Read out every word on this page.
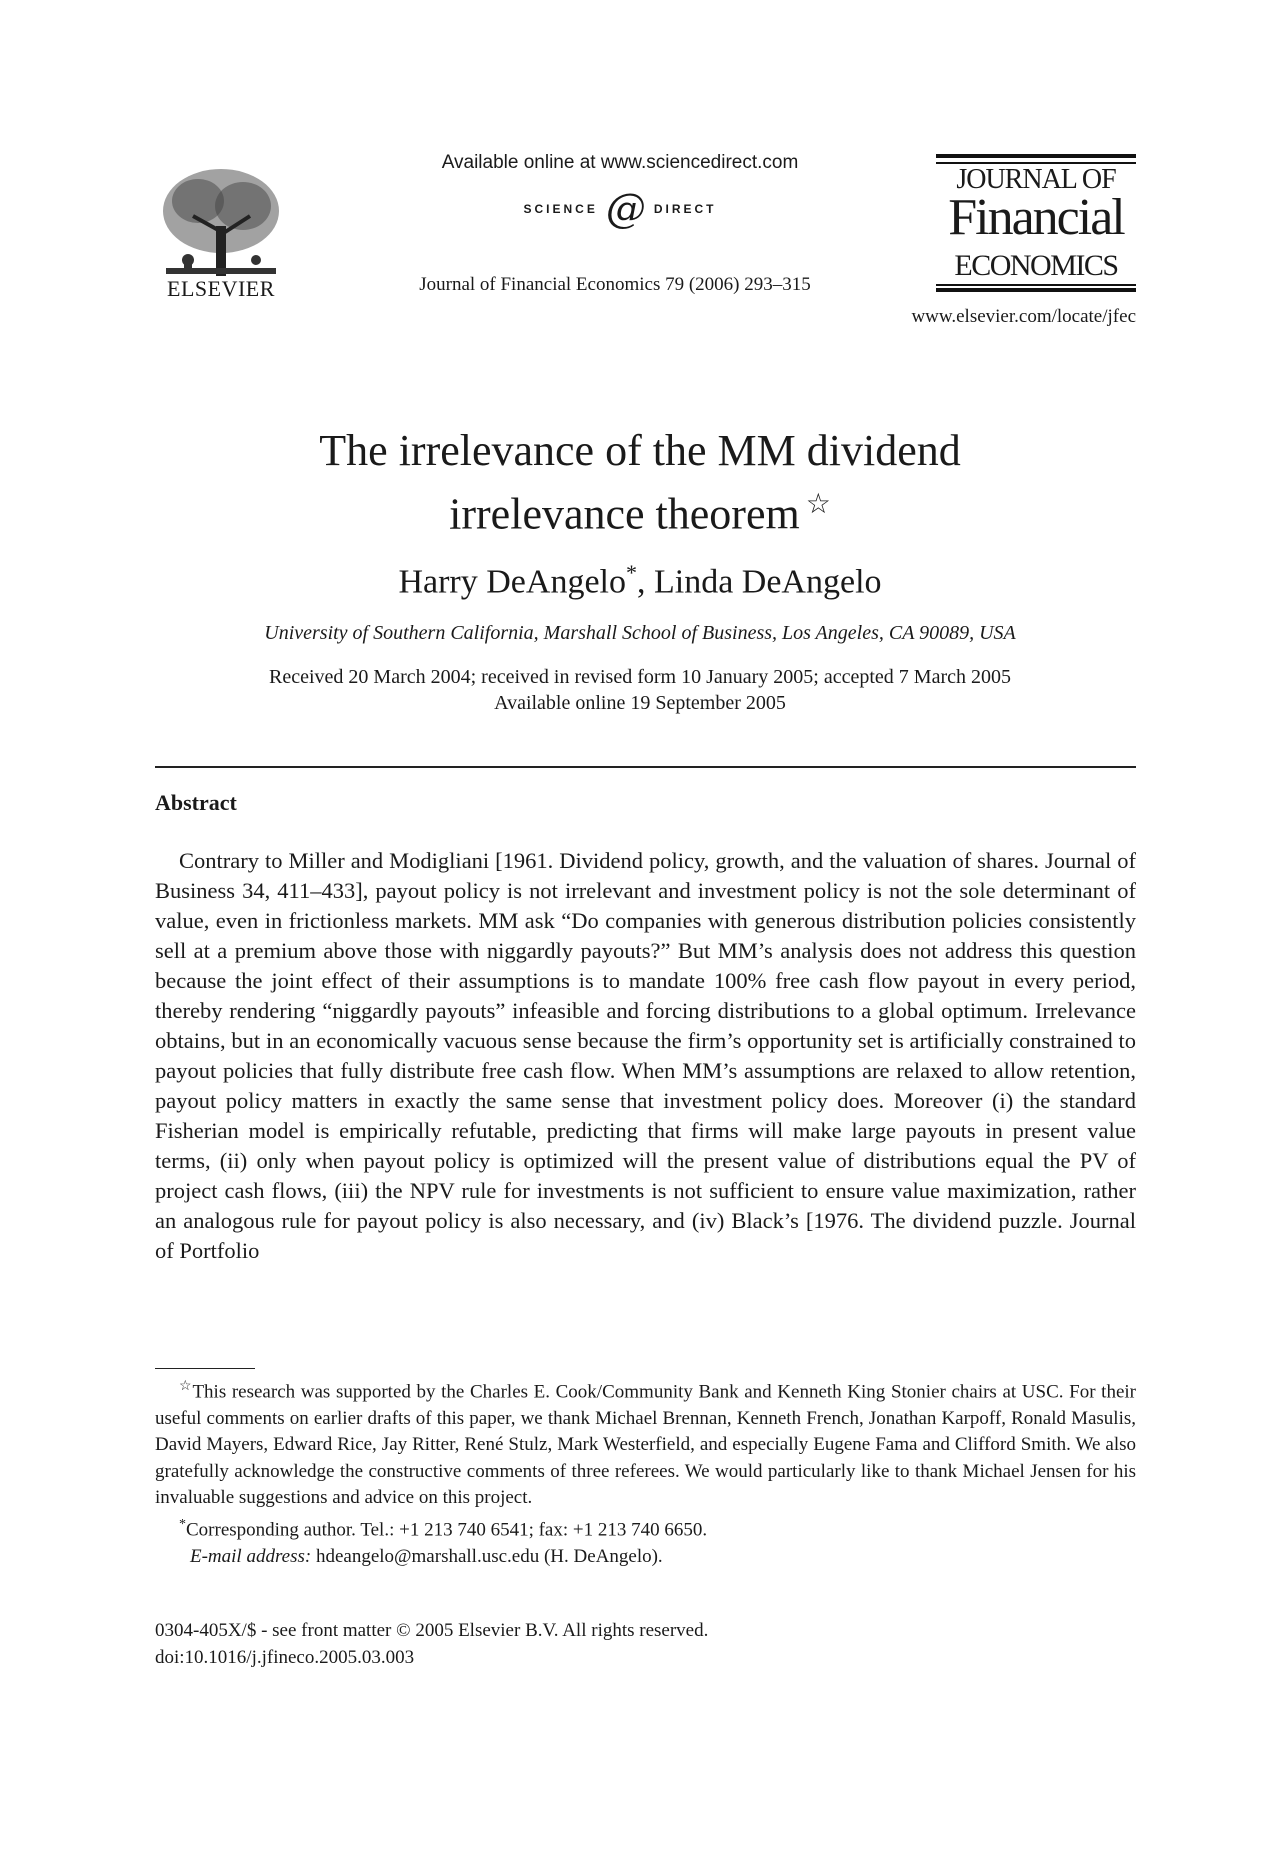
ELSEVIER
Available online at www.sciencedirect.com
SCIENCE @ DIRECT
Journal of Financial Economics 79 (2006) 293–315
JOURNAL OF
Financial
ECONOMICS
www.elsevier.com/locate/jfec
The irrelevance of the MM dividend
irrelevance theorem ☆
Harry DeAngelo*, Linda DeAngelo
University of Southern California, Marshall School of Business, Los Angeles, CA 90089, USA
Received 20 March 2004; received in revised form 10 January 2005; accepted 7 March 2005
Available online 19 September 2005
Abstract
Contrary to Miller and Modigliani [1961. Dividend policy, growth, and the valuation of shares. Journal of Business 34, 411–433], payout policy is not irrelevant and investment policy is not the sole determinant of value, even in frictionless markets. MM ask “Do companies with generous distribution policies consistently sell at a premium above those with niggardly payouts?” But MM’s analysis does not address this question because the joint effect of their assumptions is to mandate 100% free cash flow payout in every period, thereby rendering “niggardly payouts” infeasible and forcing distributions to a global optimum. Irrelevance obtains, but in an economically vacuous sense because the firm’s opportunity set is artificially constrained to payout policies that fully distribute free cash flow. When MM’s assumptions are relaxed to allow retention, payout policy matters in exactly the same sense that investment policy does. Moreover (i) the standard Fisherian model is empirically refutable, predicting that firms will make large payouts in present value terms, (ii) only when payout policy is optimized will the present value of distributions equal the PV of project cash flows, (iii) the NPV rule for investments is not sufficient to ensure value maximization, rather an analogous rule for payout policy is also necessary, and (iv) Black’s [1976. The dividend puzzle. Journal of Portfolio

☆This research was supported by the Charles E. Cook/Community Bank and Kenneth King Stonier chairs at USC. For their useful comments on earlier drafts of this paper, we thank Michael Brennan, Kenneth French, Jonathan Karpoff, Ronald Masulis, David Mayers, Edward Rice, Jay Ritter, René Stulz, Mark Westerfield, and especially Eugene Fama and Clifford Smith. We also gratefully acknowledge the constructive comments of three referees. We would particularly like to thank Michael Jensen for his invaluable suggestions and advice on this project.

*Corresponding author. Tel.: +1 213 740 6541; fax: +1 213 740 6650.

E-mail address: hdeangelo@marshall.usc.edu (H. DeAngelo).

0304-405X/$ - see front matter © 2005 Elsevier B.V. All rights reserved.
doi:10.1016/j.jfineco.2005.03.003
